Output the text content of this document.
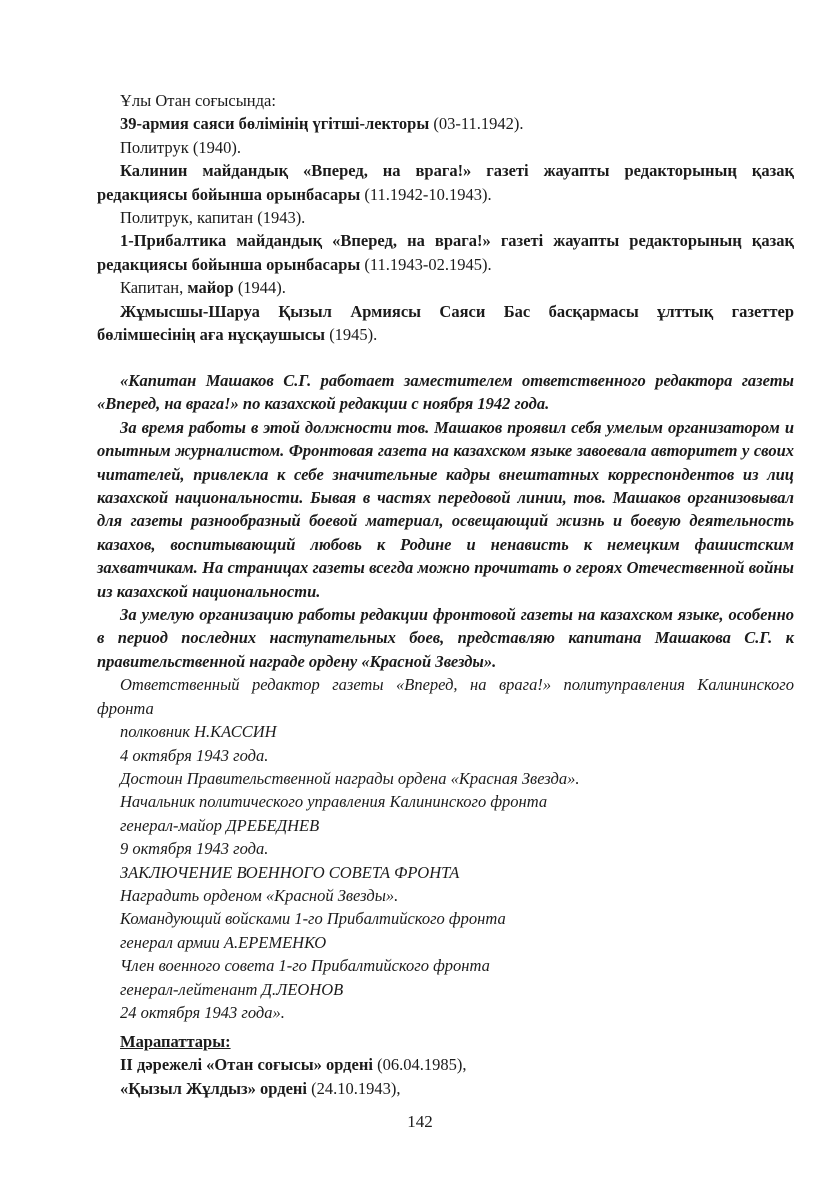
Ұлы Отан соғысында:

39-армия саяси бөлімінің үгітші-лекторы (03-11.1942).

Политрук (1940).

Калинин майдандық «Вперед, на врага!» газеті жауапты редакторының қазақ редакциясы бойынша орынбасары (11.1942-10.1943).

Политрук, капитан (1943).

1-Прибалтика майдандық «Вперед, на врага!» газеті жауапты редакторының қазақ редакциясы бойынша орынбасары (11.1943-02.1945).

Капитан, майор (1944).

Жұмысшы-Шаруа Қызыл Армиясы Саяси Бас басқармасы ұлттық газеттер бөлімшесінің аға нұсқаушысы (1945).

«Капитан Машаков С.Г. работает заместителем ответственного редактора газеты «Вперед, на врага!» по казахской редакции с ноября 1942 года.

За время работы в этой должности тов. Машаков проявил себя умелым организатором и опытным журналистом. Фронтовая газета на казахском языке завоевала авторитет у своих читателей, привлекла к себе значительные кадры внештатных корреспондентов из лиц казахской национальности. Бывая в частях передовой линии, тов. Машаков организовывал для газеты разнообразный боевой материал, освещающий жизнь и боевую деятельность казахов, воспитывающий любовь к Родине и ненависть к немецким фашистским захватчикам. На страницах газеты всегда можно прочитать о героях Отечественной войны из казахской национальности.

За умелую организацию работы редакции фронтовой газеты на казахском языке, особенно в период последних наступательных боев, представляю капитана Машакова С.Г. к правительственной награде ордену «Красной Звезды».

Ответственный редактор газеты «Вперед, на врага!» политуправления Калининского фронта

полковник Н.КАССИН

4 октября 1943 года.

Достоин Правительственной награды ордена «Красная Звезда».

Начальник политического управления Калининского фронта

генерал-майор ДРЕБЕДНЕВ

9 октября 1943 года.

ЗАКЛЮЧЕНИЕ ВОЕННОГО СОВЕТА ФРОНТА

Наградить орденом «Красной Звезды».

Командующий войсками 1-го Прибалтийского фронта

генерал армии А.ЕРЕМЕНКО

Член военного совета 1-го Прибалтийского фронта

генерал-лейтенант Д.ЛЕОНОВ

24 октября 1943 года».

Марапаттары:

ІІ дәрежелі «Отан соғысы» ордені (06.04.1985),

«Қызыл Жұлдыз» ордені (24.10.1943),

142
